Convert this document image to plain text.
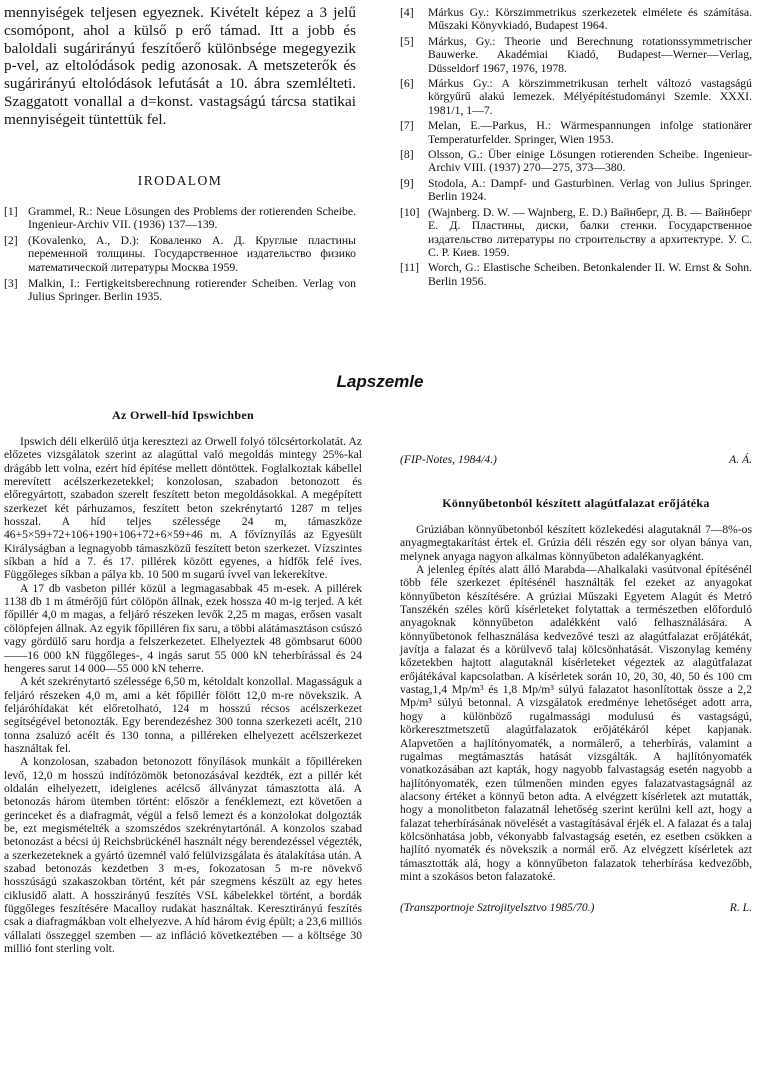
mennyiségek teljesen egyeznek. Kivételt képez a 3 jelű csomópont, ahol a külső p erő támad. Itt a jobb és baloldali sugárirányú feszítőerő különbsége megegyezik p-vel, az eltolódások pedig azonosak. A metszeterők és sugárirányú eltolódások lefutását a 10. ábra szemlélteti. Szaggatott vonallal a d=konst. vastagságú tárcsa statikai mennyiségeit tüntettük fel.

IRODALOM
[1] Grammel, R.: Neue Lösungen des Problems der rotierenden Scheibe. Ingenieur-Archiv VII. (1936) 137—139.
[2] (Kovalenko, A., D.): Коваленко А. Д. Круглые пластины переменной толщины. Государственное издательство физико математической литературы Москва 1959.
[3] Malkin, I.: Fertigkeitsberechnung rotierender Scheiben. Verlag von Julius Springer. Berlin 1935.
[4]	Márkus Gy.: Körszimmetrikus szerkezetek elmélete és számítása. Műszaki Könyvkiadó, Budapest 1964.
[5]	Márkus, Gy.: Theorie und Berechnung rotationssymmetrischer Bauwerke. Akadémiai Kiadó, Budapest—Werner—Verlag, Düsseldorf 1967, 1976, 1978.
[6]	Márkus Gy.: A körszimmetrikusan terhelt változó vastagságú körgyűrű alakú lemezek. Mélyépítéstudományi Szemle. XXXI. 1981/1, 1—7.
[7]	Melan, E.—Parkus, H.: Wärmespannungen infolge stationärer Temperaturfelder. Springer, Wien 1953.
[8]	Olsson, G.: Über einige Lösungen rotierenden Scheibe. Ingenieur-Archiv VIII. (1937) 270—275, 373—380.
[9]	Stodola, A.: Dampf- und Gasturbinen. Verlag von Julius Springer. Berlin 1924.
[10] (Wajnberg. D. W. — Wajnberg, E. D.) Вайнберг, Д. В. — Вайнберг Е. Д. Пластины, диски, балки стенки. Государственное издательство литературы по строительству а архитектуре. У. С. С. Р. Киев. 1959.
[11] Worch, G.: Elastische Scheiben. Betonkalender II. W. Ernst & Sohn. Berlin 1956.
Lapszemle
Az Orwell-híd Ipswichben

Ipswich déli elkerülő útja keresztezi az Orwell folyó tölcsértorkolatát. Az előzetes vizsgálatok szerint az alagúttal való megoldás mintegy 25%-kal drágább lett volna, ezért híd építése mellett döntöttek. Foglalkoztak kábellel merevített acélszerkezetekkel; konzolosan, szabadon betonozott és előregyártott, szabadon szerelt feszített beton megoldásokkal. A megépített szerkezet két párhuzamos, feszített beton szekrénytartó 1287 m teljes hosszal. A híd teljes szélessége 24 m, támaszköze 46+5×59+72+106+190+106+72+6×59+46 m. A fővíznyílás az Egyesült Királyságban a legnagyobb támaszközű feszített beton szerkezet. Vízszintes síkban a híd a 7. és 17. pillérek között egyenes, a hídfők felé íves. Függőleges síkban a pálya kb. 10 500 m sugarú ívvel van lekerekítve.

A 17 db vasbeton pillér közül a legmagasabbak 45 m-esek. A pillérek 1138 db 1 m átmérőjű fúrt cölöpön állnak, ezek hossza 40 m-ig terjed. A két főpillér 4,0 m magas, a feljáró részeken levők 2,25 m magas, erősen vasalt cölöpfejen állnak. Az egyik főpilléren fix saru, a többi alátámasztáson csúszó vagy gördülő saru hordja a felszerkezetet. Elhelyeztek 48 gömbsarut 6000——16 000 kN függőleges-, 4 ingás sarut 55 000 kN teherbírással és 24 hengeres sarut 14 000—55 000 kN teherre.

A két szekrénytartó szélessége 6,50 m, kétoldalt konzollal. Magasságuk a feljáró részeken 4,0 m, ami a két főpillér fölött 12,0 m-re növekszik. A feljáróhídakat két előretolható, 124 m hosszú récsos acélszerkezet segítségével betonozták. Egy berendezéshez 300 tonna szerkezeti acélt, 210 tonna zsaluzó acélt és 130 tonna, a pilléreken elhelyezett acélszerkezet használtak fel.

A konzolosan, szabadon betonozott főnyílások munkáit a főpilléreken levő, 12,0 m hosszú indítózömök betonozásával kezdték, ezt a pillér két oldalán elhelyezett, ideiglenes acélcső állványzat támasztotta alá. A betonozás három ütemben történt: először a fenéklemezt, ezt követően a gerinceket és a diafragmát, végül a felső lemezt és a konzolokat dolgozták be, ezt megismételték a szomszédos szekrénytartónál. A konzolos szabad betonozást a bécsi új Reichsbrückénél használt négy berendezéssel végezték, a szerkezeteknek a gyártó üzemnél való felülvizsgálata és átalakítása után. A szabad betonozás kezdetben 3 m-es, fokozatosan 5 m-re növekvő hosszúságú szakaszokban történt, két pár szegmens készült az egy hetes ciklusidő alatt. A hosszirányú feszítés VSL kábelekkel történt, a bordák függőleges feszítésére Macalloy rudakat használtak. Keresztirányú feszítés csak a diafragmákban volt elhelyezve. A híd három évig épült; a 23,6 milliós vállalati összeggel szemben — az infláció következtében — a költsége 30 millió font sterling volt.

(FIP-Notes, 1984/4.)	A. Á.
Könnyűbetonból készített alagútfalazat erőjátéka

Grúziában könnyűbetonból készített közlekedési alagutaknál 7—8%-os anyagmegtakarítást értek el. Grúzia déli részén egy sor olyan bánya van, melynek anyaga nagyon alkalmas könnyűbeton adalékanyagként.

A jelenleg építés alatt álló Marabda—Ahalkalaki vasútvonal építésénél több féle szerkezet építésénél használták fel ezeket az anyagokat könnyűbeton készítésére. A grúziai Műszaki Egyetem Alagút és Metró Tanszékén széles körű kísérleteket folytattak a természetben előforduló anyagoknak könnyűbeton adalékként való felhasználására. A könnyűbetonok felhasználása kedvezővé teszi az alagútfalazat erőjátékát, javítja a falazat és a körülvevő talaj kölcsönhatását. Viszonylag kemény kőzetekben hajtott alagutaknál kísérleteket végeztek az alagútfalazat erőjátékával kapcsolatban. A kísérletek során 10, 20, 30, 40, 50 és 100 cm vastag,1,4 Mp/m³ és 1,8 Mp/m³ súlyú falazatot hasonlítottak össze a 2,2 Mp/m³ súlyú betonnal. A vizsgálatok eredménye lehetőséget adott arra, hogy a különböző rugalmassági modulusú és vastagságú, körkeresztmetszetű alagútfalazatok erőjátékáról képet kapjanak. Alapvetően a hajlítónyomaték, a normálerő, a teherbírás, valamint a rugalmas megtámasztás hatását vizsgálták. A hajlítónyomaték vonatkozásában azt kapták, hogy nagyobb falvastagság esetén nagyobb a hajlítónyomaték, ezen túlmenően minden egyes falazatvastagságnál az alacsony értéket a könnyű beton adta. A elvégzett kísérletek azt mutatták, hogy a monolitbeton falazatnál lehetőség szerint kerülni kell azt, hogy a falazat teherbírásának növelését a vastagításával érjék el. A falazat és a talaj kölcsönhatása jobb, vékonyabb falvastagság esetén, ez esetben csökken a hajlító nyomaték és növekszik a normál erő. Az elvégzett kísérletek azt támasztották alá, hogy a könnyűbeton falazatok teherbírása kedvezőbb, mint a szokásos beton falazatoké.

(Transzportnoje Sztrojityelsztvo 1985/70.)	R. L.
